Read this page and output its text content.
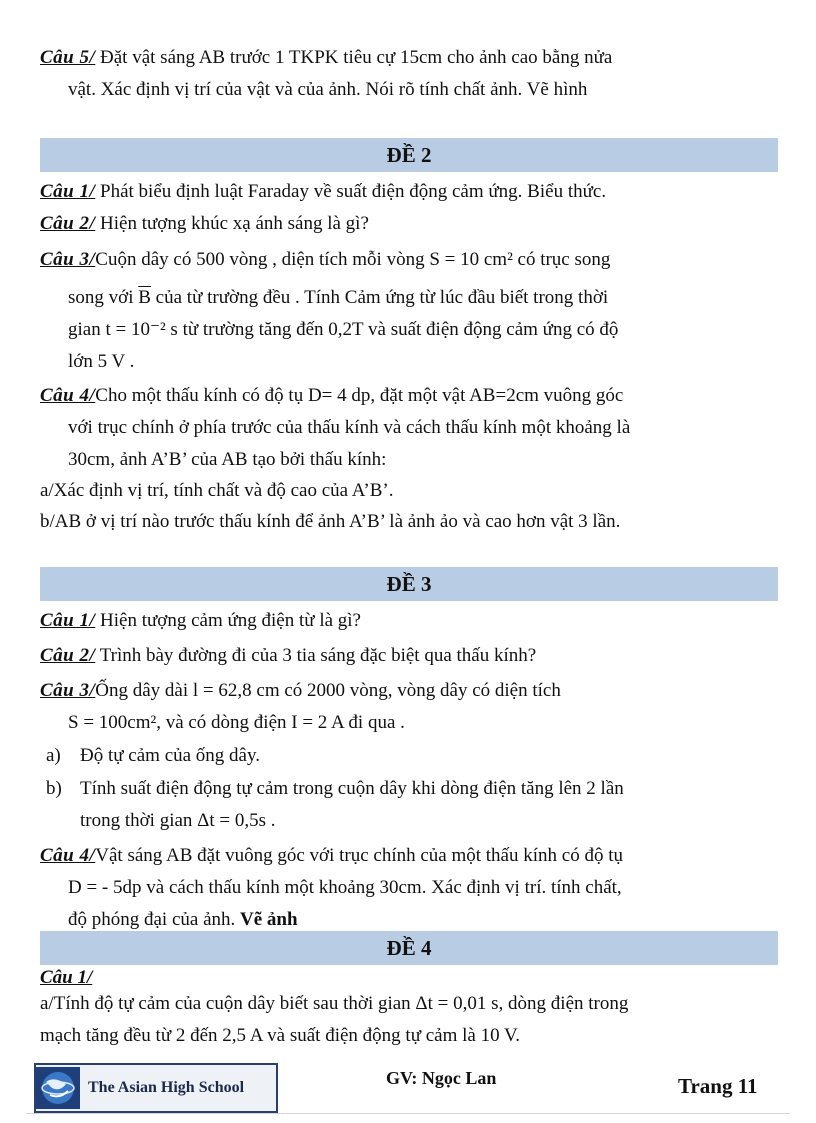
Câu 5/ Đặt vật sáng AB trước 1 TKPK tiêu cự 15cm cho ảnh cao bằng nửa
vật. Xác định vị trí của vật và của ảnh. Nói rõ tính chất ảnh. Vẽ hình
ĐỀ 2
Câu 1/ Phát biểu định luật Faraday về suất điện động cảm ứng. Biểu thức.
Câu 2/ Hiện tượng khúc xạ ánh sáng là gì?
Câu 3/Cuộn dây có 500 vòng , diện tích mỗi vòng S = 10 cm² có trục song
song với $\overline{B}$ của từ trường đều . Tính Cảm ứng từ lúc đầu biết trong thời
gian t = 10⁻² s từ trường tăng đến 0,2T và suất điện động cảm ứng có độ
lớn 5 V .
Câu 4/Cho một thấu kính có độ tụ D= 4 dp, đặt một vật AB=2cm vuông góc
với trục chính ở phía trước của thấu kính và cách thấu kính một khoảng là
30cm, ảnh A’B’ của AB tạo bởi thấu kính:
a/Xác định vị trí, tính chất và độ cao của A’B’.
b/AB ở vị trí nào trước thấu kính để ảnh A’B’ là ảnh ảo và cao hơn vật 3 lần.
ĐỀ 3
Câu 1/ Hiện tượng cảm ứng điện từ là gì?
Câu 2/ Trình bày đường đi của 3 tia sáng đặc biệt qua thấu kính?
Câu 3/Ống dây dài l = 62,8 cm có 2000 vòng, vòng dây có diện tích
S = 100cm², và có dòng điện I = 2 A đi qua .
a) Độ tự cảm của ống dây.
b) Tính suất điện động tự cảm trong cuộn dây khi dòng điện tăng lên 2 lần
trong thời gian Δt = 0,5s .
Câu 4/Vật sáng AB đặt vuông góc với trục chính của một thấu kính có độ tụ
D = - 5dp và cách thấu kính một khoảng 30cm. Xác định vị trí. tính chất,
độ phóng đại của ảnh. Vẽ ảnh
ĐỀ 4
Câu 1/
a/Tính độ tự cảm của cuộn dây biết sau thời gian Δt = 0,01 s, dòng điện trong
mạch tăng đều từ 2 đến 2,5 A và suất điện động tự cảm là 10 V.
The Asian High School	GV: Ngọc Lan	Trang 11
